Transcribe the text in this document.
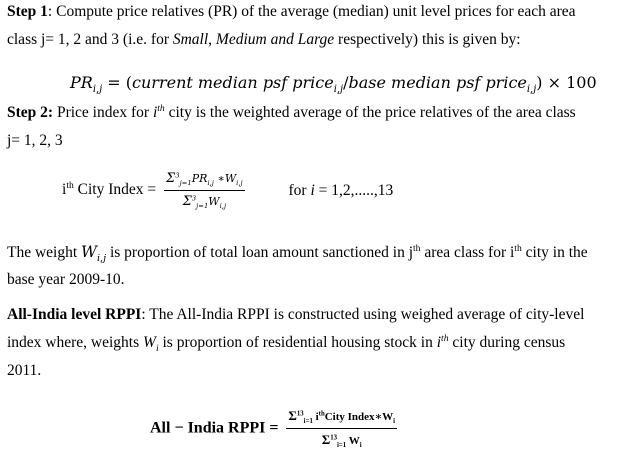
Step 1: Compute price relatives (PR) of the average (median) unit level prices for each area
class j= 1, 2 and 3 (i.e. for Small, Medium and Large respectively) this is given by:
$PR_{i,j}$ = (current median psf price$_{i,j}$/base median psf price$_{i,j}$) × 100
Step 2: Price index for $i^{th}$ city is the weighted average of the price relatives of the area class
j= 1, 2, 3
$i^{th}$ City Index = $\frac{\Sigma^3_{j=1}PR_{i,j} ∗W_{i,j}}{\Sigma^3_{j=1}W_{i,j}}$	for i = 1,2,.....,13
The weight $W_{i,j}$ is proportion of total loan amount sanctioned in $j^{th}$ area class for $i^{th}$ city in the
base year 2009-10.
All-India level RPPI: The All-India RPPI is constructed using weighed average of city-level
index where, weights $W_i$ is proportion of residential housing stock in $i^{th}$ city during census
2011.
All − India RPPI = $\frac{\Sigma^{13}_{i=1} i^{th}City Index∗W_i}{\Sigma^{13}_{i=1} W_i}$
